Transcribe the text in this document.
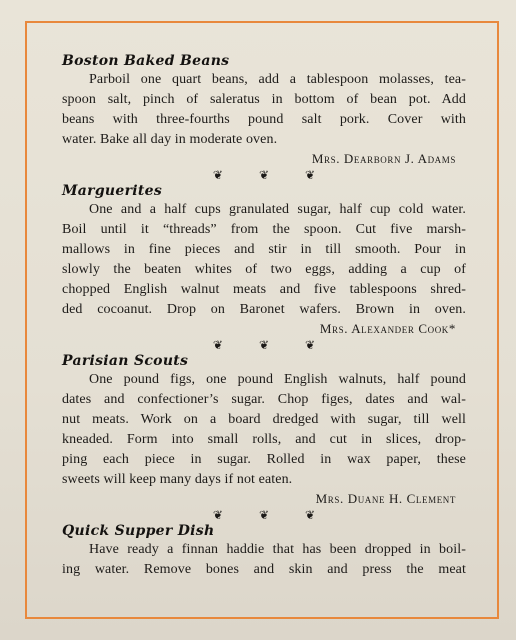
Boston Baked Beans
Parboil one quart beans, add a tablespoon molasses, tea-
spoon salt, pinch of saleratus in bottom of bean pot. Add
beans with three-fourths pound salt pork. Cover with
water. Bake all day in moderate oven.

Mrs. Dearborn J. Adams

❦❦❦

Marguerites
One and a half cups granulated sugar, half cup cold water.
Boil until it “threads” from the spoon. Cut five marsh-
mallows in fine pieces and stir in till smooth. Pour in
slowly the beaten whites of two eggs, adding a cup of
chopped English walnut meats and five tablespoons shred-
ded cocoanut. Drop on Baronet wafers. Brown in oven.

Mrs. Alexander Cook*

❦❦❦

Parisian Scouts
One pound figs, one pound English walnuts, half pound
dates and confectioner’s sugar. Chop figes, dates and wal-
nut meats. Work on a board dredged with sugar, till well
kneaded. Form into small rolls, and cut in slices, drop-
ping each piece in sugar. Rolled in wax paper, these
sweets will keep many days if not eaten.

Mrs. Duane H. Clement

❦❦❦

Quick Supper Dish
Have ready a finnan haddie that has been dropped in boil-
ing water. Remove bones and skin and press the meat
